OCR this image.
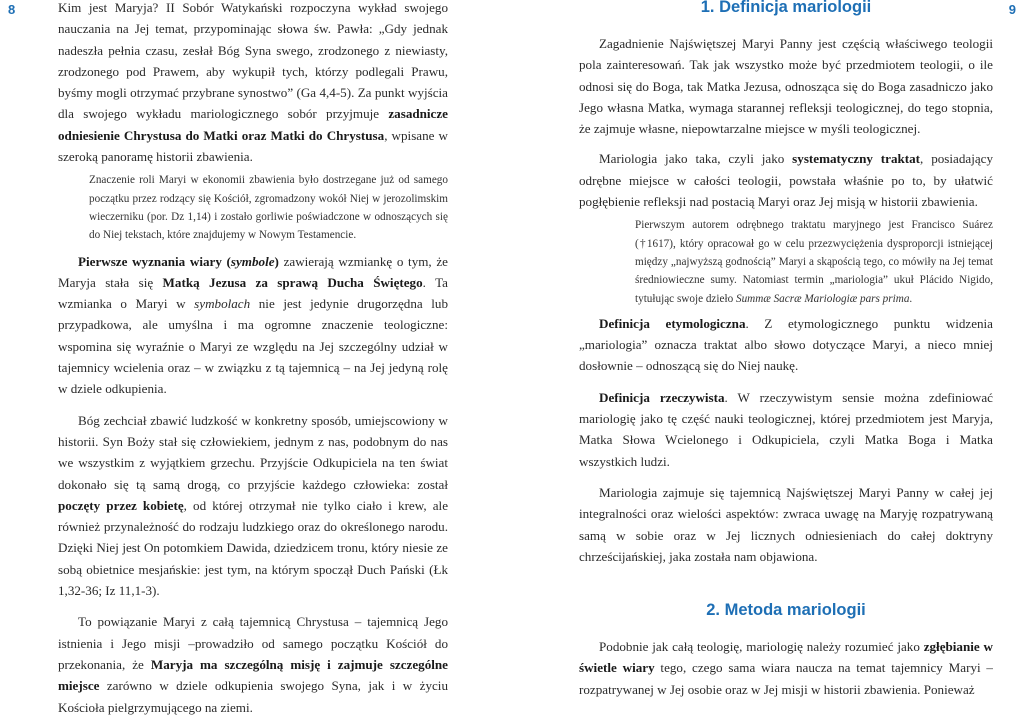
8	9

Kim jest Maryja? II Sobór Watykański rozpoczyna wykład swojego nauczania na Jej temat, przypominając słowa św. Pawła: „Gdy jednak nadeszła pełnia czasu, zesłał Bóg Syna swego, zrodzonego z niewiasty, zrodzonego pod Prawem, aby wykupił tych, którzy podlegali Prawu, byśmy mogli otrzymać przybrane synostwo” (Ga 4,4-5). Za punkt wyjścia dla swojego wykładu mariologicznego sobór przyjmuje zasadnicze odniesienie Chrystusa do Matki oraz Matki do Chrystusa, wpisane w szeroką panoramę historii zbawienia.

Znaczenie roli Maryi w ekonomii zbawienia było dostrzegane już od samego początku przez rodzący się Kościół, zgromadzony wokół Niej w jerozolimskim wieczerniku (por. Dz 1,14) i zostało gorliwie poświadczone w odnoszących się do Niej tekstach, które znajdujemy w Nowym Testamencie.

Pierwsze wyznania wiary (symbole) zawierają wzmiankę o tym, że Maryja stała się Matką Jezusa za sprawą Ducha Świętego. Ta wzmianka o Maryi w symbolach nie jest jedynie drugorzędna lub przypadkowa, ale umyślna i ma ogromne znaczenie teologiczne: wspomina się wyraźnie o Maryi ze względu na Jej szczególny udział w tajemnicy wcielenia oraz – w związku z tą tajemnicą – na Jej jedyną rolę w dziele odkupienia.

Bóg zechciał zbawić ludzkość w konkretny sposób, umiejscowiony w historii. Syn Boży stał się człowiekiem, jednym z nas, podobnym do nas we wszystkim z wyjątkiem grzechu. Przyjście Odkupiciela na ten świat dokonało się tą samą drogą, co przyjście każdego człowieka: został poczęty przez kobietę, od której otrzymał nie tylko ciało i krew, ale również przynależność do rodzaju ludzkiego oraz do określonego narodu. Dzięki Niej jest On potomkiem Dawida, dziedzicem tronu, który niesie ze sobą obietnice mesjańskie: jest tym, na którym spoczął Duch Pański (Łk 1,32-36; Iz 11,1-3).

To powiązanie Maryi z całą tajemnicą Chrystusa – tajemnicą Jego istnienia i Jego misji –prowadziło od samego początku Kościół do przekonania, że Maryja ma szczególną misję i zajmuje szczególne miejsce zarówno w dziele odkupienia swojego Syna, jak i w życiu Kościoła pielgrzymującego na ziemi.

1. Definicja mariologii

Zagadnienie Najświętszej Maryi Panny jest częścią właściwego teologii pola zainteresowań. Tak jak wszystko może być przedmiotem teologii, o ile odnosi się do Boga, tak Matka Jezusa, odnosząca się do Boga zasadniczo jako Jego własna Matka, wymaga starannej refleksji teologicznej, do tego stopnia, że zajmuje własne, niepowtarzalne miejsce w myśli teologicznej.

Mariologia jako taka, czyli jako systematyczny traktat, posiadający odrębne miejsce w całości teologii, powstała właśnie po to, by ułatwić pogłębienie refleksji nad postacią Maryi oraz Jej misją w historii zbawienia.

Pierwszym autorem odrębnego traktatu maryjnego jest Francisco Suárez (†1617), który opracował go w celu przezwyciężenia dysproporcji istniejącej między „najwyższą godnością” Maryi a skąpością tego, co mówiły na Jej temat średniowieczne sumy. Natomiast termin „mariologia” ukuł Plácido Nigido, tytułując swoje dzieło Summæ Sacræ Mariologiæ pars prima.

Definicja etymologiczna. Z etymologicznego punktu widzenia „mariologia” oznacza traktat albo słowo dotyczące Maryi, a nieco mniej dosłownie – odnoszącą się do Niej naukę.

Definicja rzeczywista. W rzeczywistym sensie można zdefiniować mariologię jako tę część nauki teologicznej, której przedmiotem jest Maryja, Matka Słowa Wcielonego i Odkupiciela, czyli Matka Boga i Matka wszystkich ludzi.

Mariologia zajmuje się tajemnicą Najświętszej Maryi Panny w całej jej integralności oraz wielości aspektów: zwraca uwagę na Maryję rozpatrywaną samą w sobie oraz w Jej licznych odniesieniach do całej doktryny chrześcijańskiej, jaka została nam objawiona.

2. Metoda mariologii

Podobnie jak całą teologię, mariologię należy rozumieć jako zgłębianie w świetle wiary tego, czego sama wiara naucza na temat tajemnicy Maryi – rozpatrywanej w Jej osobie oraz w Jej misji w historii zbawienia. Ponieważ
